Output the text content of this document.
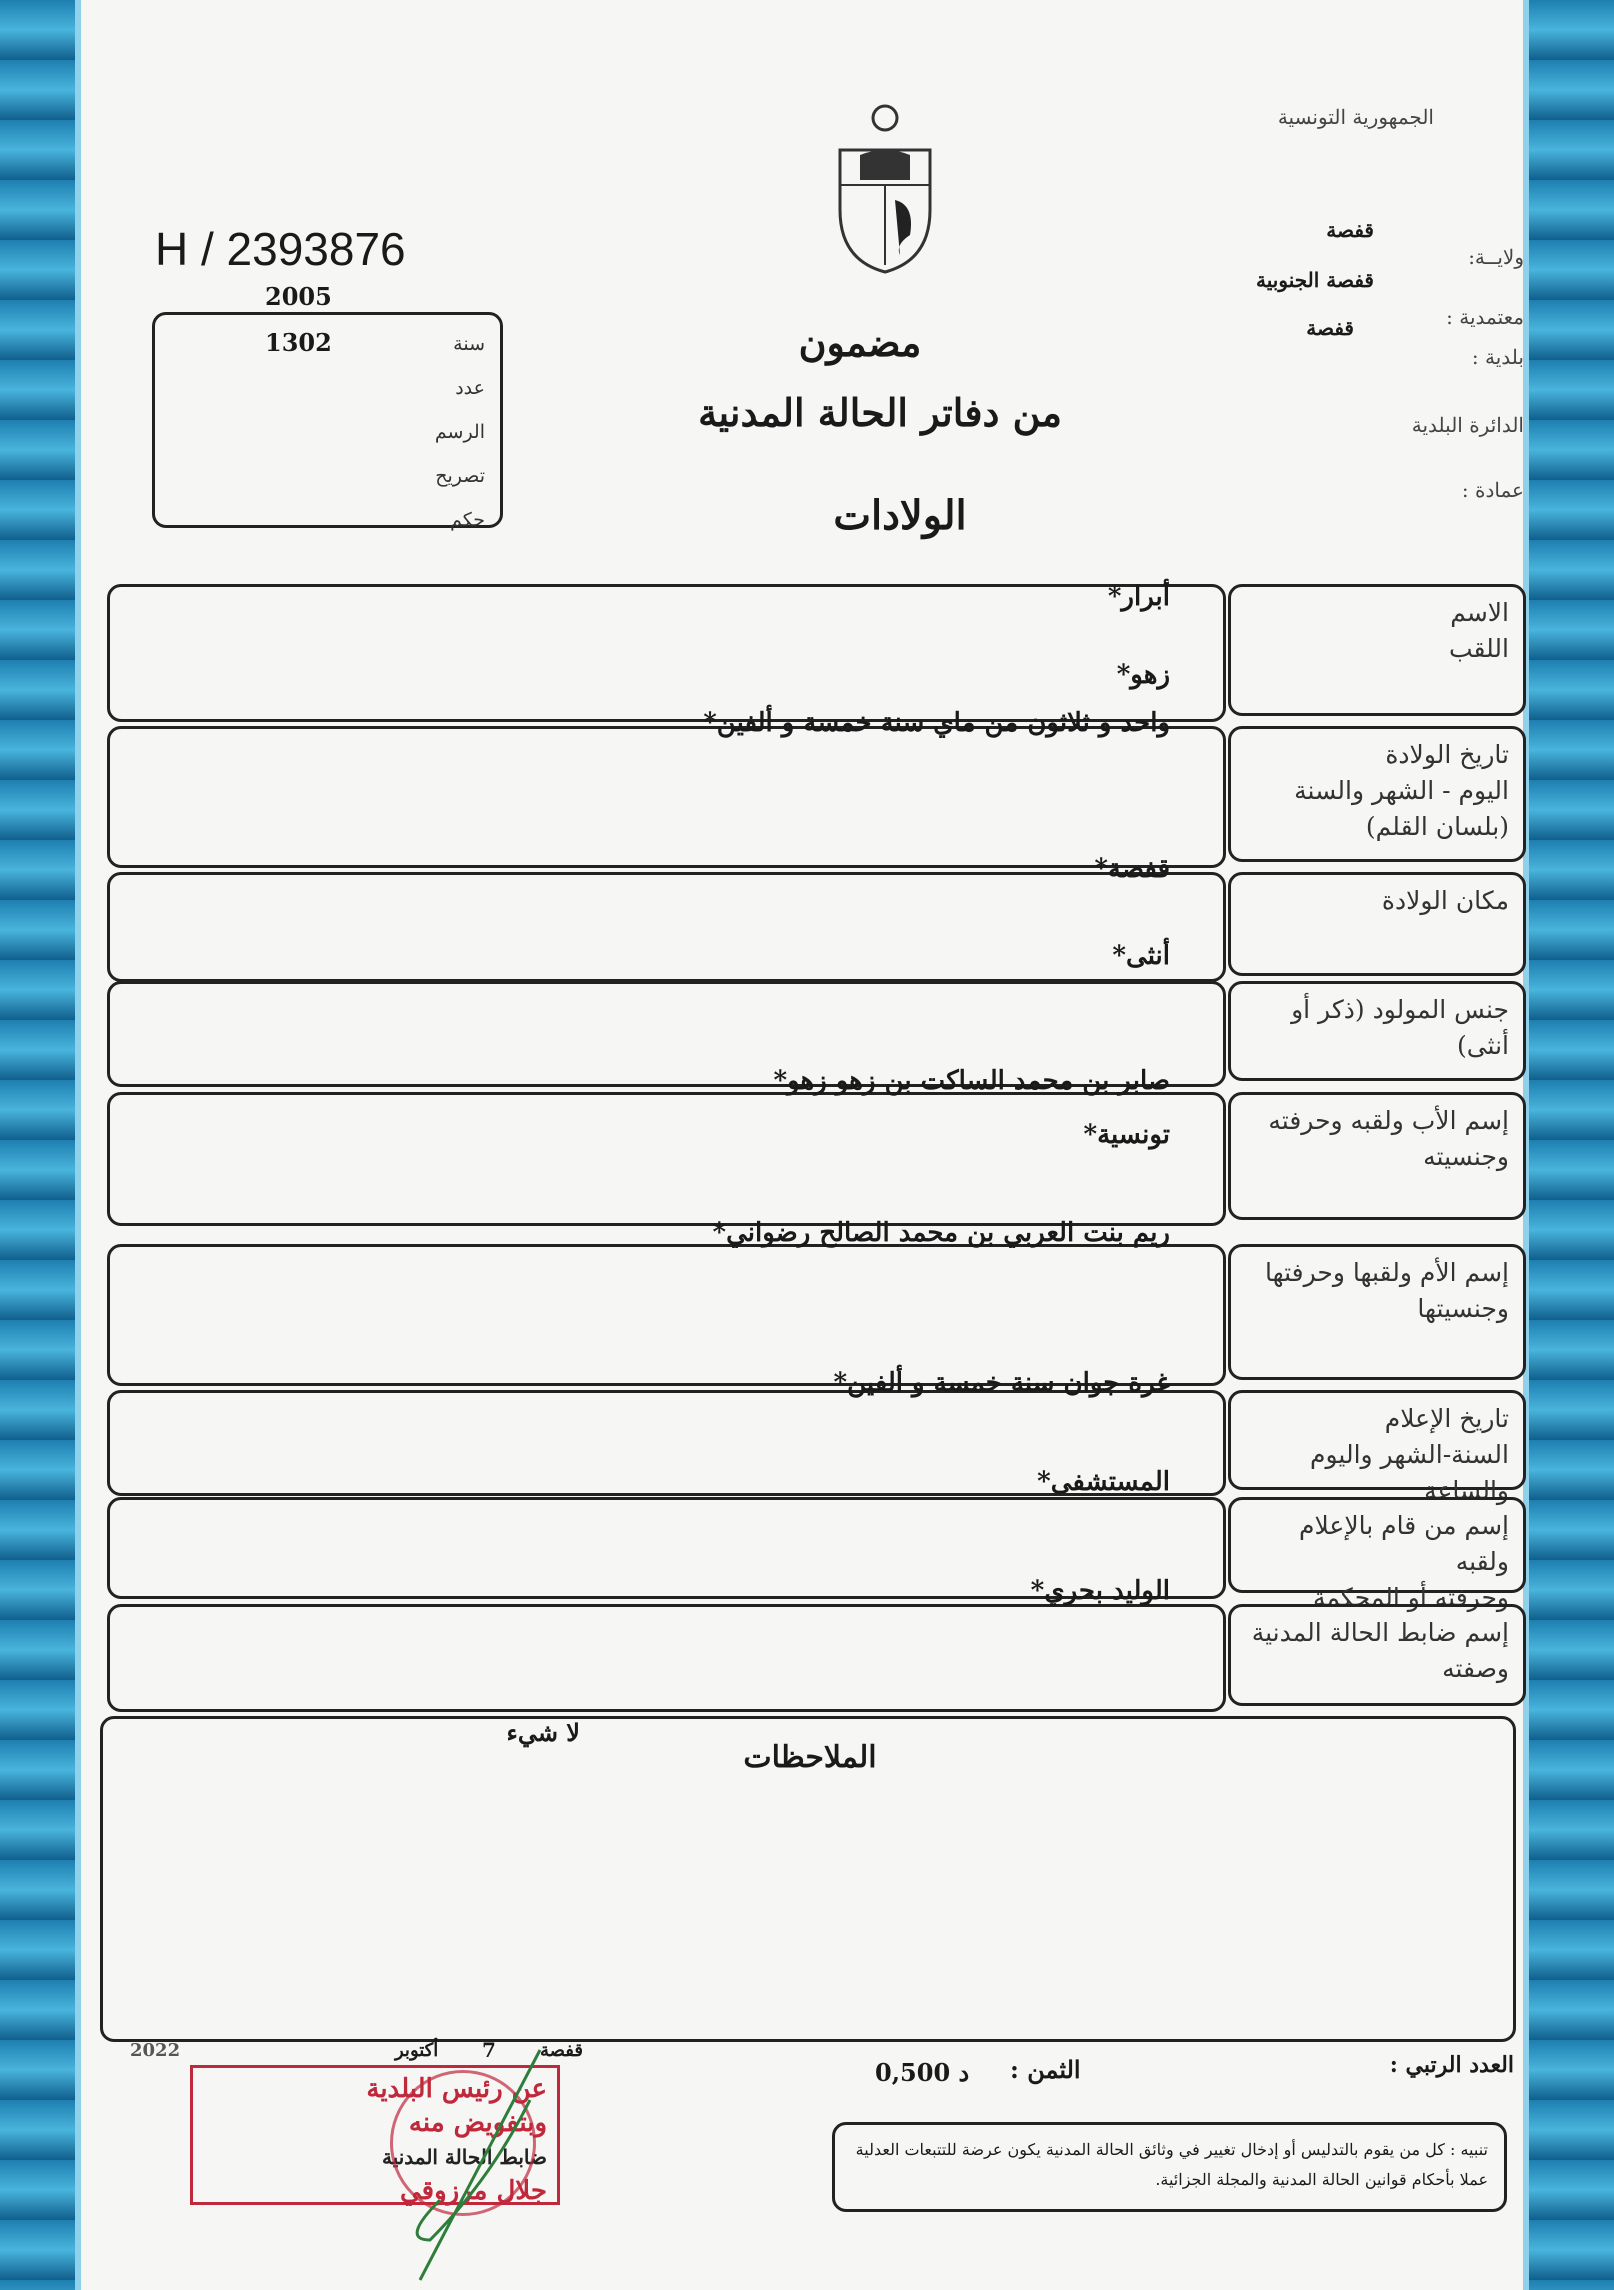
الجمهورية التونسية
قفصة
ولايــة:
قفصة الجنوبية
معتمدية :
قفصة
بلدية :
الدائرة البلدية
عمادة :
H / 2393876
2005
1302	سنة
عدد الرسم
تصريح
حكم
مضمون
من دفاتر الحالة المدنية
الولادات
الاسم
اللقب
أبرار*
زهو*
تاريخ الولادة
اليوم - الشهر والسنة
(بلسان القلم)
واحد و ثلاثون من ماي سنة خمسة و ألفين*
مكان الولادة
قفصة*
جنس المولود (ذكر أو أنثى)
أنثى*
إسم الأب ولقبه وحرفته
وجنسيته
صابر بن محمد الساكت بن زهو زهو*
تونسية*
إسم الأم ولقبها وحرفتها
وجنسيتها
ريم بنت العربي بن محمد الصالح رضواني*
تاريخ الإعلام
السنة-الشهر واليوم والساعة
غرة جوان سنة خمسة و ألفين*
إسم من قام بالإعلام ولقبه
وحرفته أو المحكمة
المستشفى*
إسم ضابط الحالة المدنية
وصفته
الوليد بحري*
الملاحظات
لا شيء
2022	أكتوبر 7 قفصة
العدد الرتبي :
الثمن :
0,500 د
تنبيه : كل من يقوم بالتدليس أو إدخال تغيير في وثائق الحالة المدنية يكون عرضة للتتبعات العدلية عملا بأحكام قوانين الحالة المدنية والمجلة الجزائية.
عن رئيس البلدية
وبتفويض منه
ضابط الحالة المدنية
جلال مرزوقي
